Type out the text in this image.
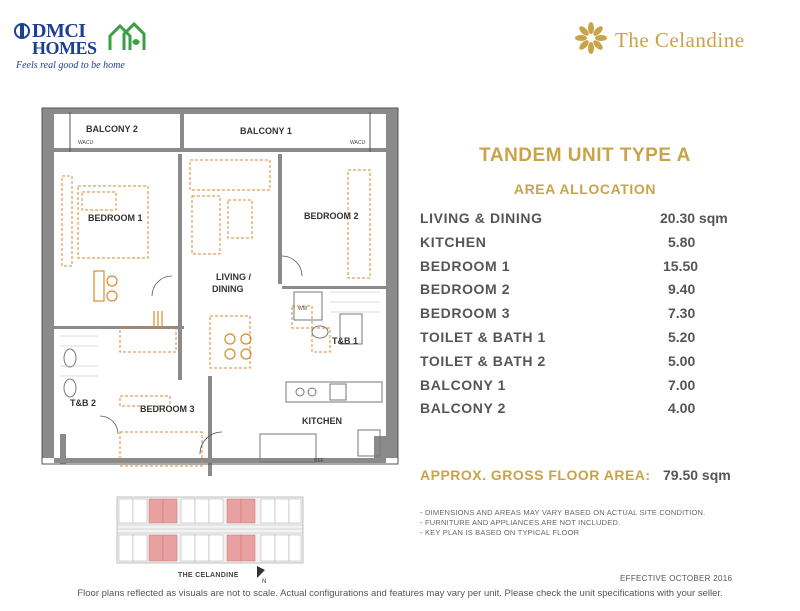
DMCI
HOMES
Feels real good to be home
The Celandine
BALCONY 2	BALCONY 1
BEDROOM 1	BEDROOM 2
LIVING /
DINING
T&B 1
T&B 2
BEDROOM 3
KITCHEN
WM
REF
WACU	WACU
TANDEM UNIT TYPE A
AREA ALLOCATION
LIVING & DINING	20.30 sqm
KITCHEN	5.80
BEDROOM 1	15.50
BEDROOM 2	9.40
BEDROOM 3	7.30
TOILET & BATH 1	5.20
TOILET & BATH 2	5.00
BALCONY 1	7.00
BALCONY 2	4.00
APPROX. GROSS FLOOR AREA: 79.50 sqm
- DIMENSIONS AND AREAS MAY VARY BASED ON ACTUAL SITE CONDITION.
- FURNITURE AND APPLIANCES ARE NOT INCLUDED.
- KEY PLAN IS BASED ON TYPICAL FLOOR
THE CELANDINE
N	EFFECTIVE OCTOBER 2016
Floor plans reflected as visuals are not to scale. Actual configurations and features may vary per unit. Please check the unit specifications with your seller.
